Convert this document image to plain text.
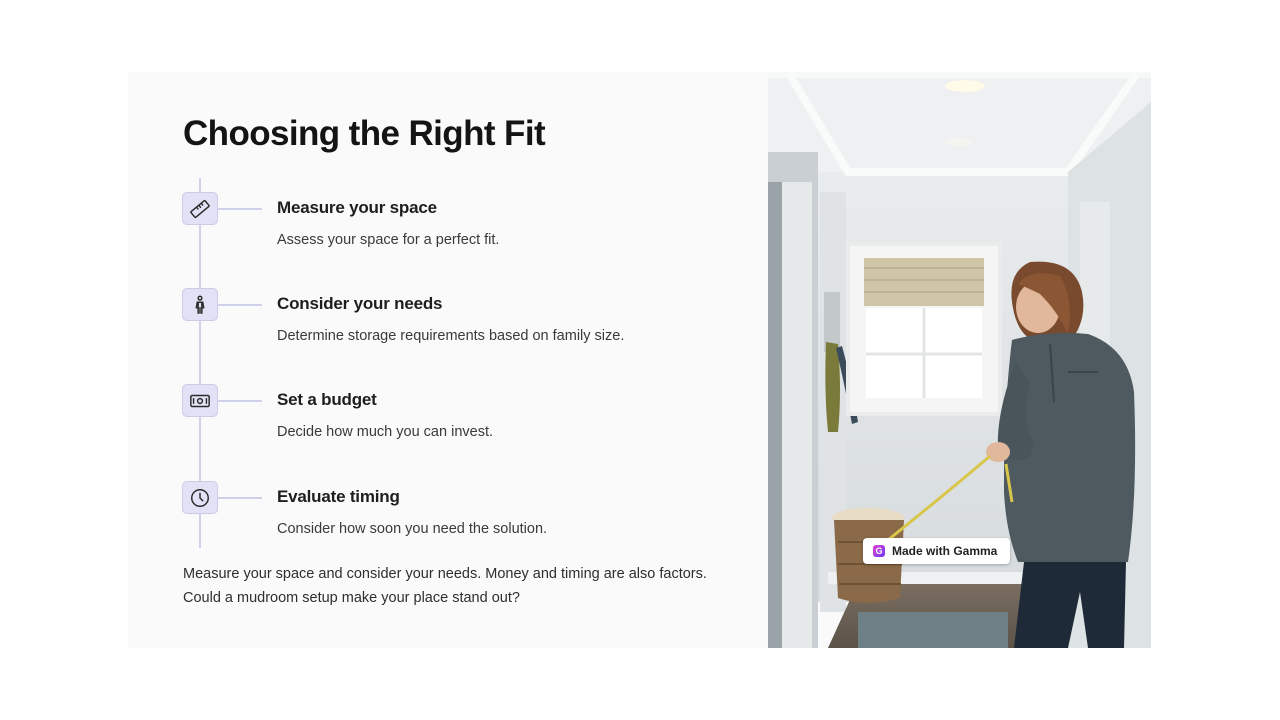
Choosing the Right Fit
Measure your space
Assess your space for a perfect fit.
Consider your needs
Determine storage requirements based on family size.
Set a budget
Decide how much you can invest.
Evaluate timing
Consider how soon you need the solution.

Measure your space and consider your needs. Money and timing are also factors. Could a mudroom setup make your place stand out?

G Made with Gamma
